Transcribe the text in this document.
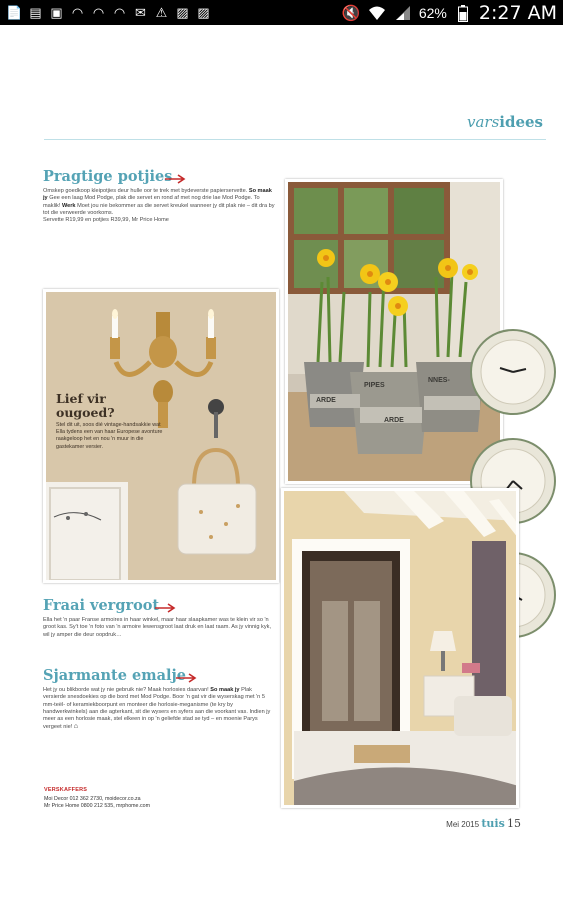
📄 ▤ ▣ ◠ ◠ ◠ ✉ ⚠ ▨ ▨	🔇	62% 2:27 AM
varsidees
Pragtige potjies
Omskep goedkoop kleipotjies deur hulle oor te trek met bydeverste papierservette. So maak jy Gee een laag Mod Podge, plak die servet en rond af met nog drie lae Mod Podge. To maklik! Werk Moet jou nie bekommer as die servet kreukel wanneer jy dit plak nie – dit dra by tot die verweerde voorkoms.
Servette R19,99 en potjies R39,99, Mr Price Home
Lief vir
ougoed?
Stel dit uit, soos dié vintage-handsakkie wat Ella tydens een van haar Europese avonture raakgeloop het en nou 'n muur in die gastekamer versier.
PIPES
ARDE
NNES-
ARDE
Fraai vergroot
Ella het 'n paar Franse armoires in haar winkel, maar haar slaapkamer was te klein vir so 'n groot kas. Sy't toe 'n foto van 'n armoire lewensgroot laat druk en laat raam. As jy vinnig kyk, wil jy amper die deur oopdruk…
Sjarmante emalje
Het jy ou blikborde wat jy nie gebruik nie? Maak horlosies daarvan! So maak jy Plak versierde snesdoekies op die bord met Mod Podge. Boor 'n gat vir die wyserskag met 'n 5 mm-teël- of keramiekboorpunt en monteer die horlosie-meganisme (te kry by handwerkwinkels) aan die agterkant, sit die wysers en syfers aan die voorkant vas. Indien jy meer as een horlosie maak, stel elkeen in op 'n geliefde stad se tyd – en moenie Parys vergeet nie! ⌂
VERSKAFFERS
Moi Decor 012 362 2730, moidecor.co.za
Mr Price Home 0800 212 535, mrphome.com
Mei 2015 tuis 15
